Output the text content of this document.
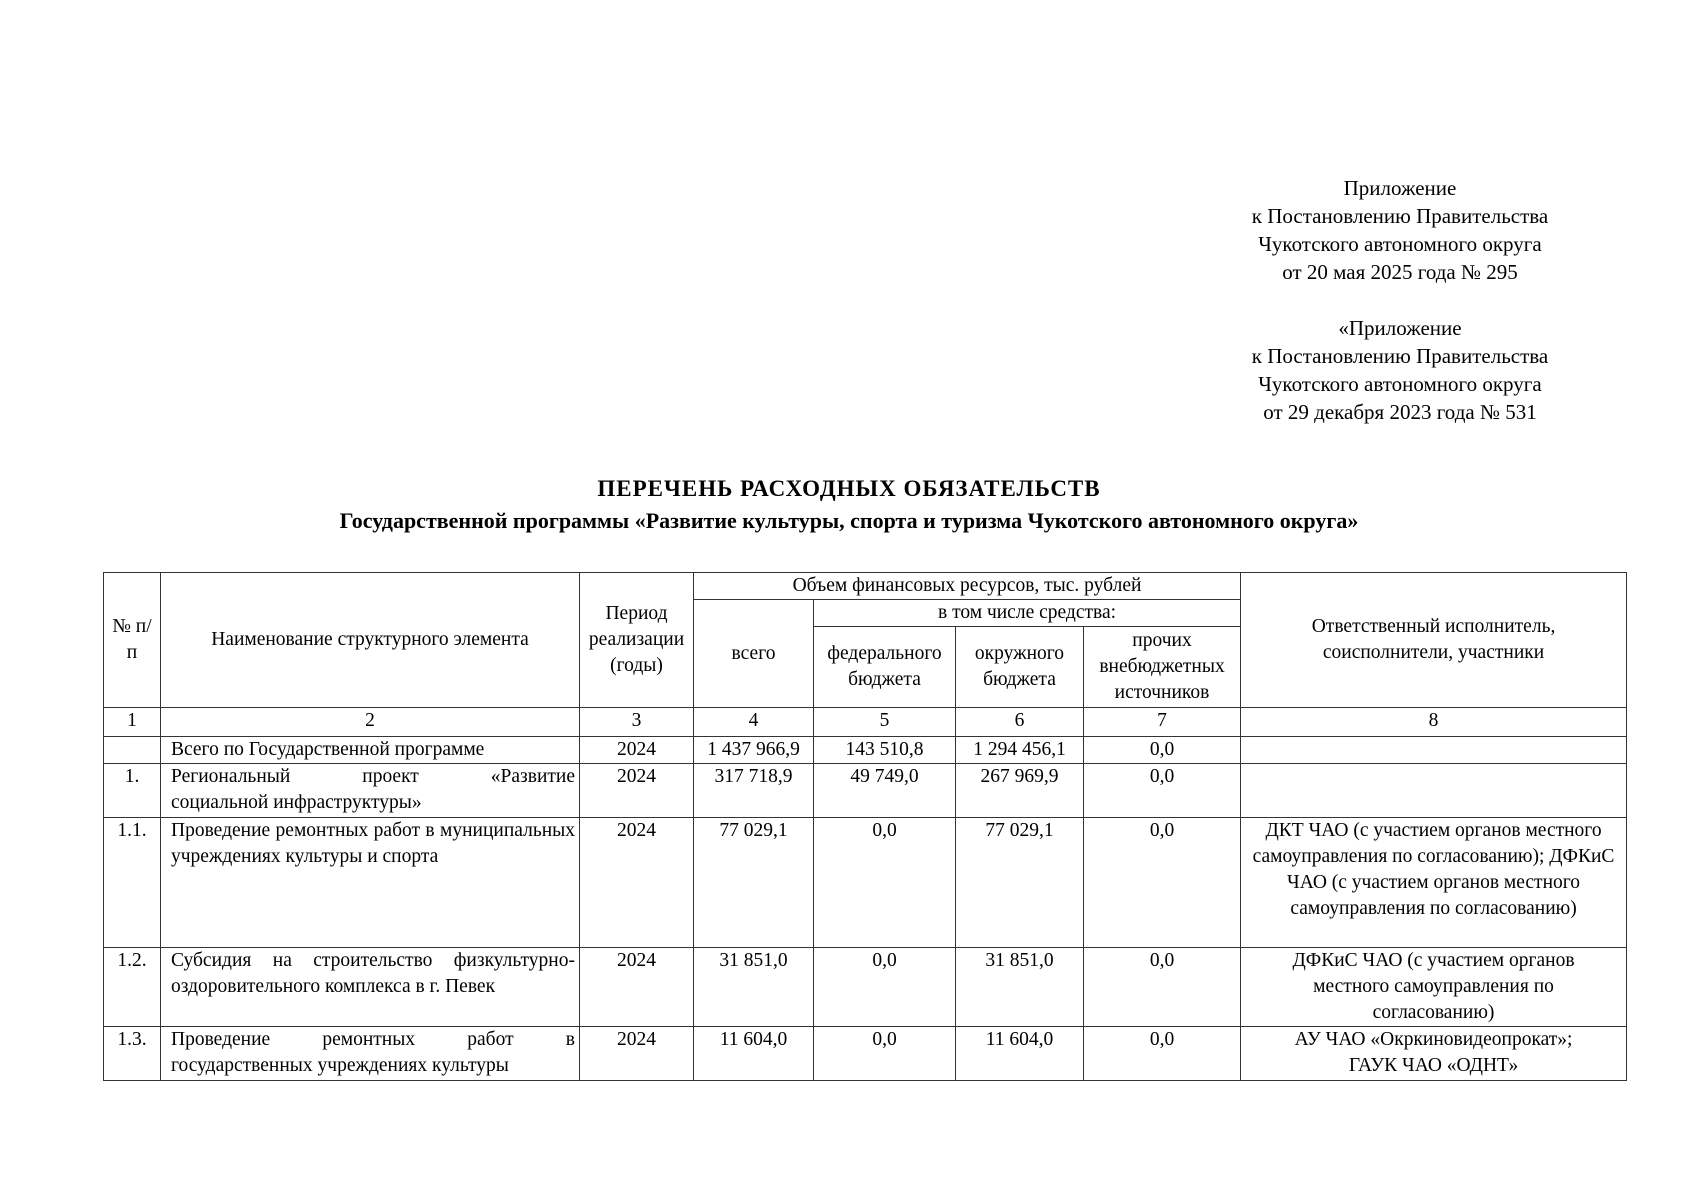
Приложение
к Постановлению Правительства
Чукотского автономного округа
от 20 мая 2025 года № 295
«Приложение
к Постановлению Правительства
Чукотского автономного округа
от 29 декабря 2023 года № 531
ПЕРЕЧЕНЬ РАСХОДНЫХ ОБЯЗАТЕЛЬСТВ
Государственной программы «Развитие культуры, спорта и туризма Чукотского автономного округа»
№ п/п	Наименование структурного элемента	Период реализации (годы)	Объем финансовых ресурсов, тыс. рублей				Ответственный исполнитель, соисполнители, участники
			всего	в том числе средства:			
				федерального бюджета	окружного бюджета	прочих внебюджетных источников	
1	2	3	4	5	6	7	8
	Всего по Государственной программе	2024	1 437 966,9	143 510,8	1 294 456,1	0,0	
1.	Региональный проект «Развитие
социальной инфраструктуры»	2024	317 718,9	49 749,0	267 969,9	0,0	
1.1.	Проведение ремонтных работ в муниципальных учреждениях культуры и спорта	2024	77 029,1	0,0	77 029,1	0,0	ДКТ ЧАО (с участием органов местного самоуправления по согласованию); ДФКиС ЧАО (с участием органов местного самоуправления по согласованию)
1.2.	Субсидия на строительство физкультурно-оздоровительного комплекса в г. Певек	2024	31 851,0	0,0	31 851,0	0,0	ДФКиС ЧАО (с участием органов местного самоуправления по согласованию)
1.3.	Проведение ремонтных работ в государственных учреждениях культуры	2024	11 604,0	0,0	11 604,0	0,0	АУ ЧАО «Окркиновидеопрокат»; ГАУК ЧАО «ОДНТ»
